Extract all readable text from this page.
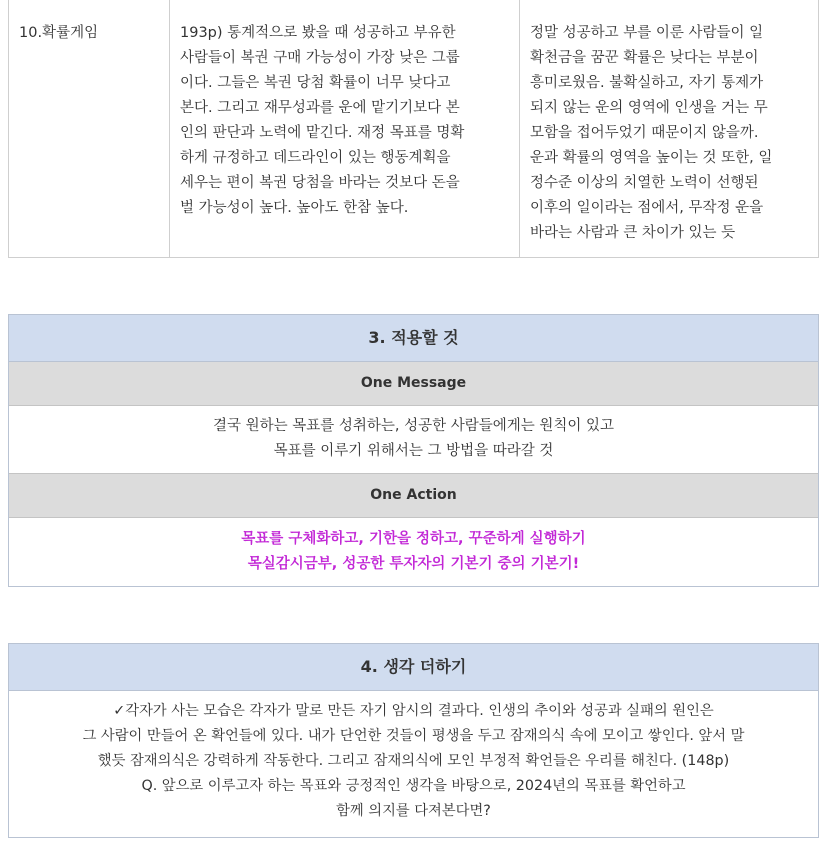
10.확률게임	193p) 통계적으로 봤을 때 성공하고 부유한
사람들이 복권 구매 가능성이 가장 낮은 그룹
이다. 그들은 복권 당첨 확률이 너무 낮다고
본다. 그리고 재무성과를 운에 맡기기보다 본
인의 판단과 노력에 맡긴다. 재정 목표를 명확
하게 규정하고 데드라인이 있는 행동계획을
세우는 편이 복권 당첨을 바라는 것보다 돈을
벌 가능성이 높다. 높아도 한참 높다.
정말 성공하고 부를 이룬 사람들이 일
확천금을 꿈꾼 확률은 낮다는 부분이
흥미로웠음. 불확실하고, 자기 통제가
되지 않는 운의 영역에 인생을 거는 무
모함을 접어두었기 때문이지 않을까.
운과 확률의 영역을 높이는 것 또한, 일
정수준 이상의 치열한 노력이 선행된
이후의 일이라는 점에서, 무작정 운을
바라는 사람과 큰 차이가 있는 듯
3. 적용할 것
One Message
결국 원하는 목표를 성취하는, 성공한 사람들에게는 원칙이 있고
목표를 이루기 위해서는 그 방법을 따라갈 것
One Action
목표를 구체화하고, 기한을 정하고, 꾸준하게 실행하기
목실감시금부, 성공한 투자자의 기본기 중의 기본기!
4. 생각 더하기
✓각자가 사는 모습은 각자가 말로 만든 자기 암시의 결과다. 인생의 추이와 성공과 실패의 원인은
그 사람이 만들어 온 확언들에 있다. 내가 단언한 것들이 평생을 두고 잠재의식 속에 모이고 쌓인다. 앞서 말
했듯 잠재의식은 강력하게 작동한다. 그리고 잠재의식에 모인 부정적 확언들은 우리를 해친다. (148p)
Q. 앞으로 이루고자 하는 목표와 긍정적인 생각을 바탕으로, 2024년의 목표를 확언하고
함께 의지를 다져본다면?
